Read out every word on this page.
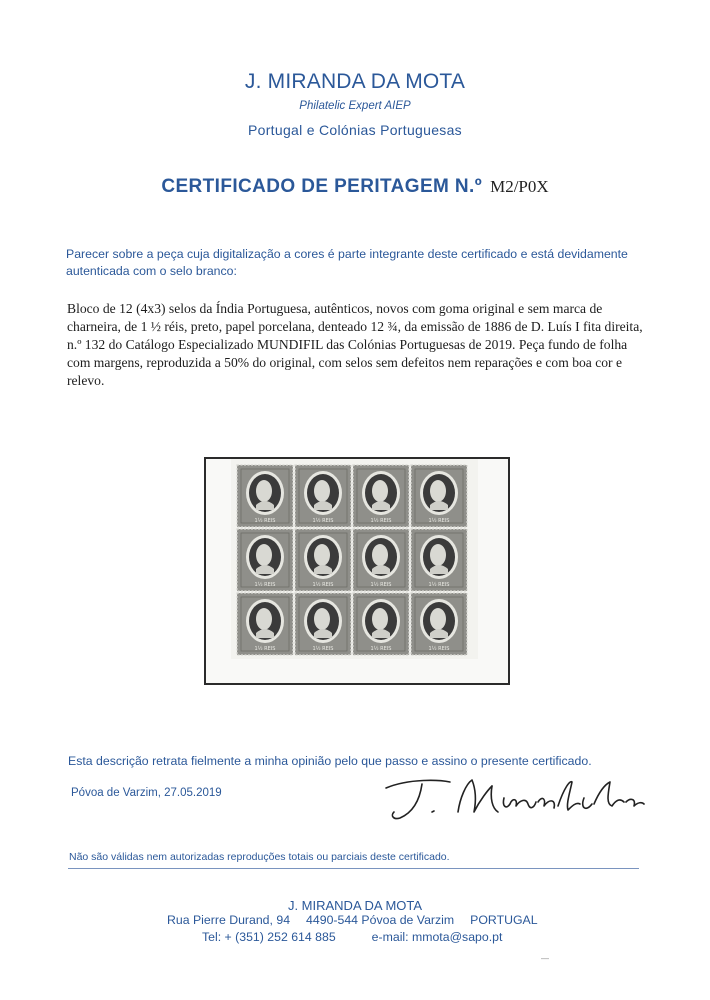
J. MIRANDA DA MOTA
Philatelic Expert AIEP
Portugal e Colónias Portuguesas
CERTIFICADO DE PERITAGEM N.º M2/P0X
Parecer sobre a peça cuja digitalização a cores é parte integrante deste certificado e está devidamente autenticada com o selo branco:
Bloco de 12 (4x3) selos da Índia Portuguesa, autênticos, novos com goma original e sem marca de charneira, de 1 ½ réis, preto, papel porcelana, denteado 12 ¾, da emissão de 1886 de D. Luís I fita direita, n.º 132 do Catálogo Especializado MUNDIFIL das Colónias Portuguesas de 2019. Peça fundo de folha com margens, reproduzida a 50% do original, com selos sem defeitos nem reparações e com boa cor e relevo.
1½ REIS	1½ REIS	1½ REIS	1½ REIS
1½ REIS	1½ REIS	1½ REIS	1½ REIS
1½ REIS	1½ REIS	1½ REIS	1½ REIS
Esta descrição retrata fielmente a minha opinião pelo que passo e assino o presente certificado.
Póvoa de Varzim, 27.05.2019
Não são válidas nem autorizadas reproduções totais ou parciais deste certificado.
J. MIRANDA DA MOTA
Rua Pierre Durand, 94 4490-544 Póvoa de Varzim PORTUGAL
Tel: + (351) 252 614 885	e-mail: mmota@sapo.pt
—
